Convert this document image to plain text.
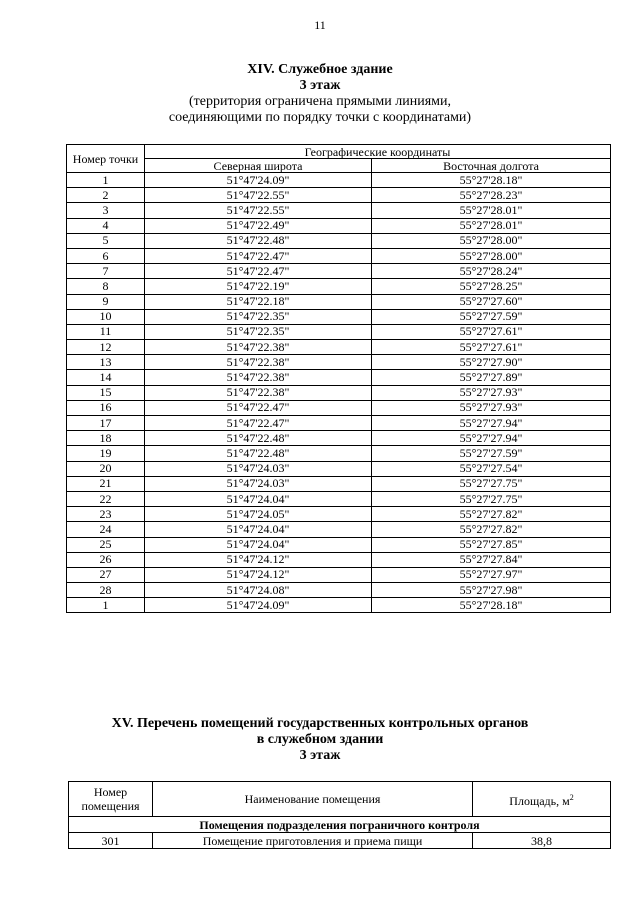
11
XIV. Служебное здание
3 этаж
(территория ограничена прямыми линиями,
соединяющими по порядку точки с координатами)
Номер точки	Географические координаты	
	Северная широта	Восточная долгота
1	51°47'24.09"	55°27'28.18"
2	51°47'22.55"	55°27'28.23"
3	51°47'22.55"	55°27'28.01"
4	51°47'22.49"	55°27'28.01"
5	51°47'22.48"	55°27'28.00"
6	51°47'22.47"	55°27'28.00"
7	51°47'22.47"	55°27'28.24"
8	51°47'22.19"	55°27'28.25"
9	51°47'22.18"	55°27'27.60"
10	51°47'22.35"	55°27'27.59"
11	51°47'22.35"	55°27'27.61"
12	51°47'22.38"	55°27'27.61"
13	51°47'22.38"	55°27'27.90"
14	51°47'22.38"	55°27'27.89"
15	51°47'22.38"	55°27'27.93"
16	51°47'22.47"	55°27'27.93"
17	51°47'22.47"	55°27'27.94"
18	51°47'22.48"	55°27'27.94"
19	51°47'22.48"	55°27'27.59"
20	51°47'24.03"	55°27'27.54"
21	51°47'24.03"	55°27'27.75"
22	51°47'24.04"	55°27'27.75"
23	51°47'24.05"	55°27'27.82"
24	51°47'24.04"	55°27'27.82"
25	51°47'24.04"	55°27'27.85"
26	51°47'24.12"	55°27'27.84"
27	51°47'24.12"	55°27'27.97"
28	51°47'24.08"	55°27'27.98"
1	51°47'24.09"	55°27'28.18"
XV. Перечень помещений государственных контрольных органов
в служебном здании
3 этаж
Номер помещения	Наименование помещения	Площадь, $м^2$
Помещения подразделения пограничного контроля		
301	Помещение приготовления и приема пищи	38,8
